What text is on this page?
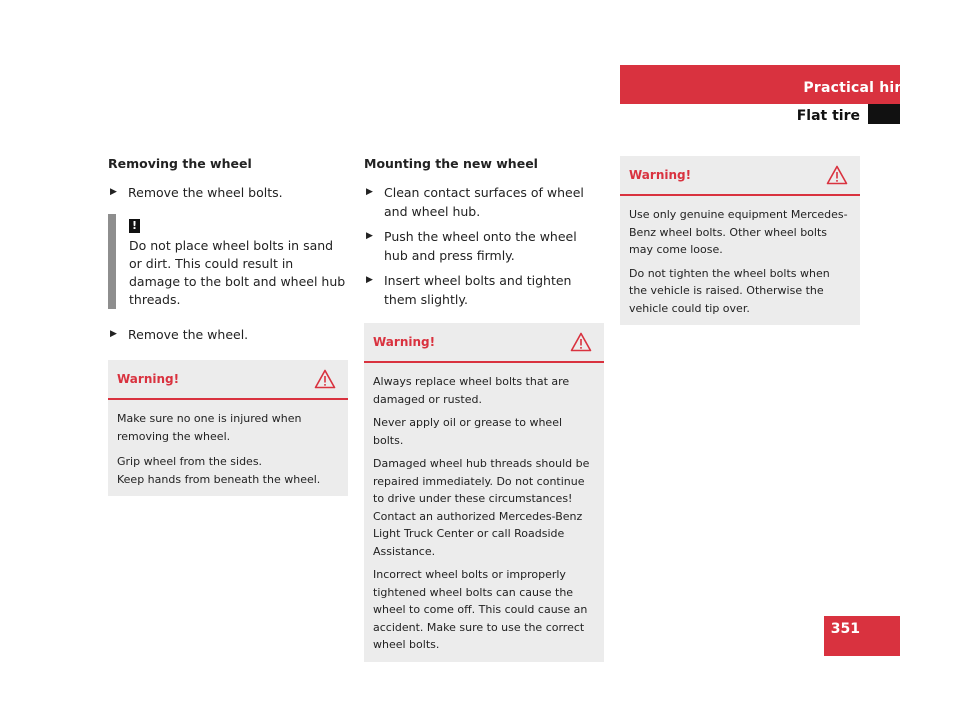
Practical hints
Flat tire
Removing the wheel
▶ Remove the wheel bolts.
!

Do not place wheel bolts in sand or dirt. This could result in damage to the bolt and wheel hub threads.

▶ Remove the wheel.
Warning!

Make sure no one is injured when removing the wheel.

Grip wheel from the sides.
Keep hands from beneath the wheel.

Mounting the new wheel
▶ Clean contact surfaces of wheel and wheel hub.
▶ Push the wheel onto the wheel hub and press firmly.
▶ Insert wheel bolts and tighten them slightly.
Warning!

Always replace wheel bolts that are damaged or rusted.

Never apply oil or grease to wheel bolts.

Damaged wheel hub threads should be repaired immediately. Do not continue to drive under these circumstances! Contact an authorized Mercedes-Benz Light Truck Center or call Roadside Assistance.

Incorrect wheel bolts or improperly tightened wheel bolts can cause the wheel to come off. This could cause an accident. Make sure to use the correct wheel bolts.

Warning!

Use only genuine equipment Mercedes-Benz wheel bolts. Other wheel bolts may come loose.

Do not tighten the wheel bolts when the vehicle is raised. Otherwise the vehicle could tip over.

351
